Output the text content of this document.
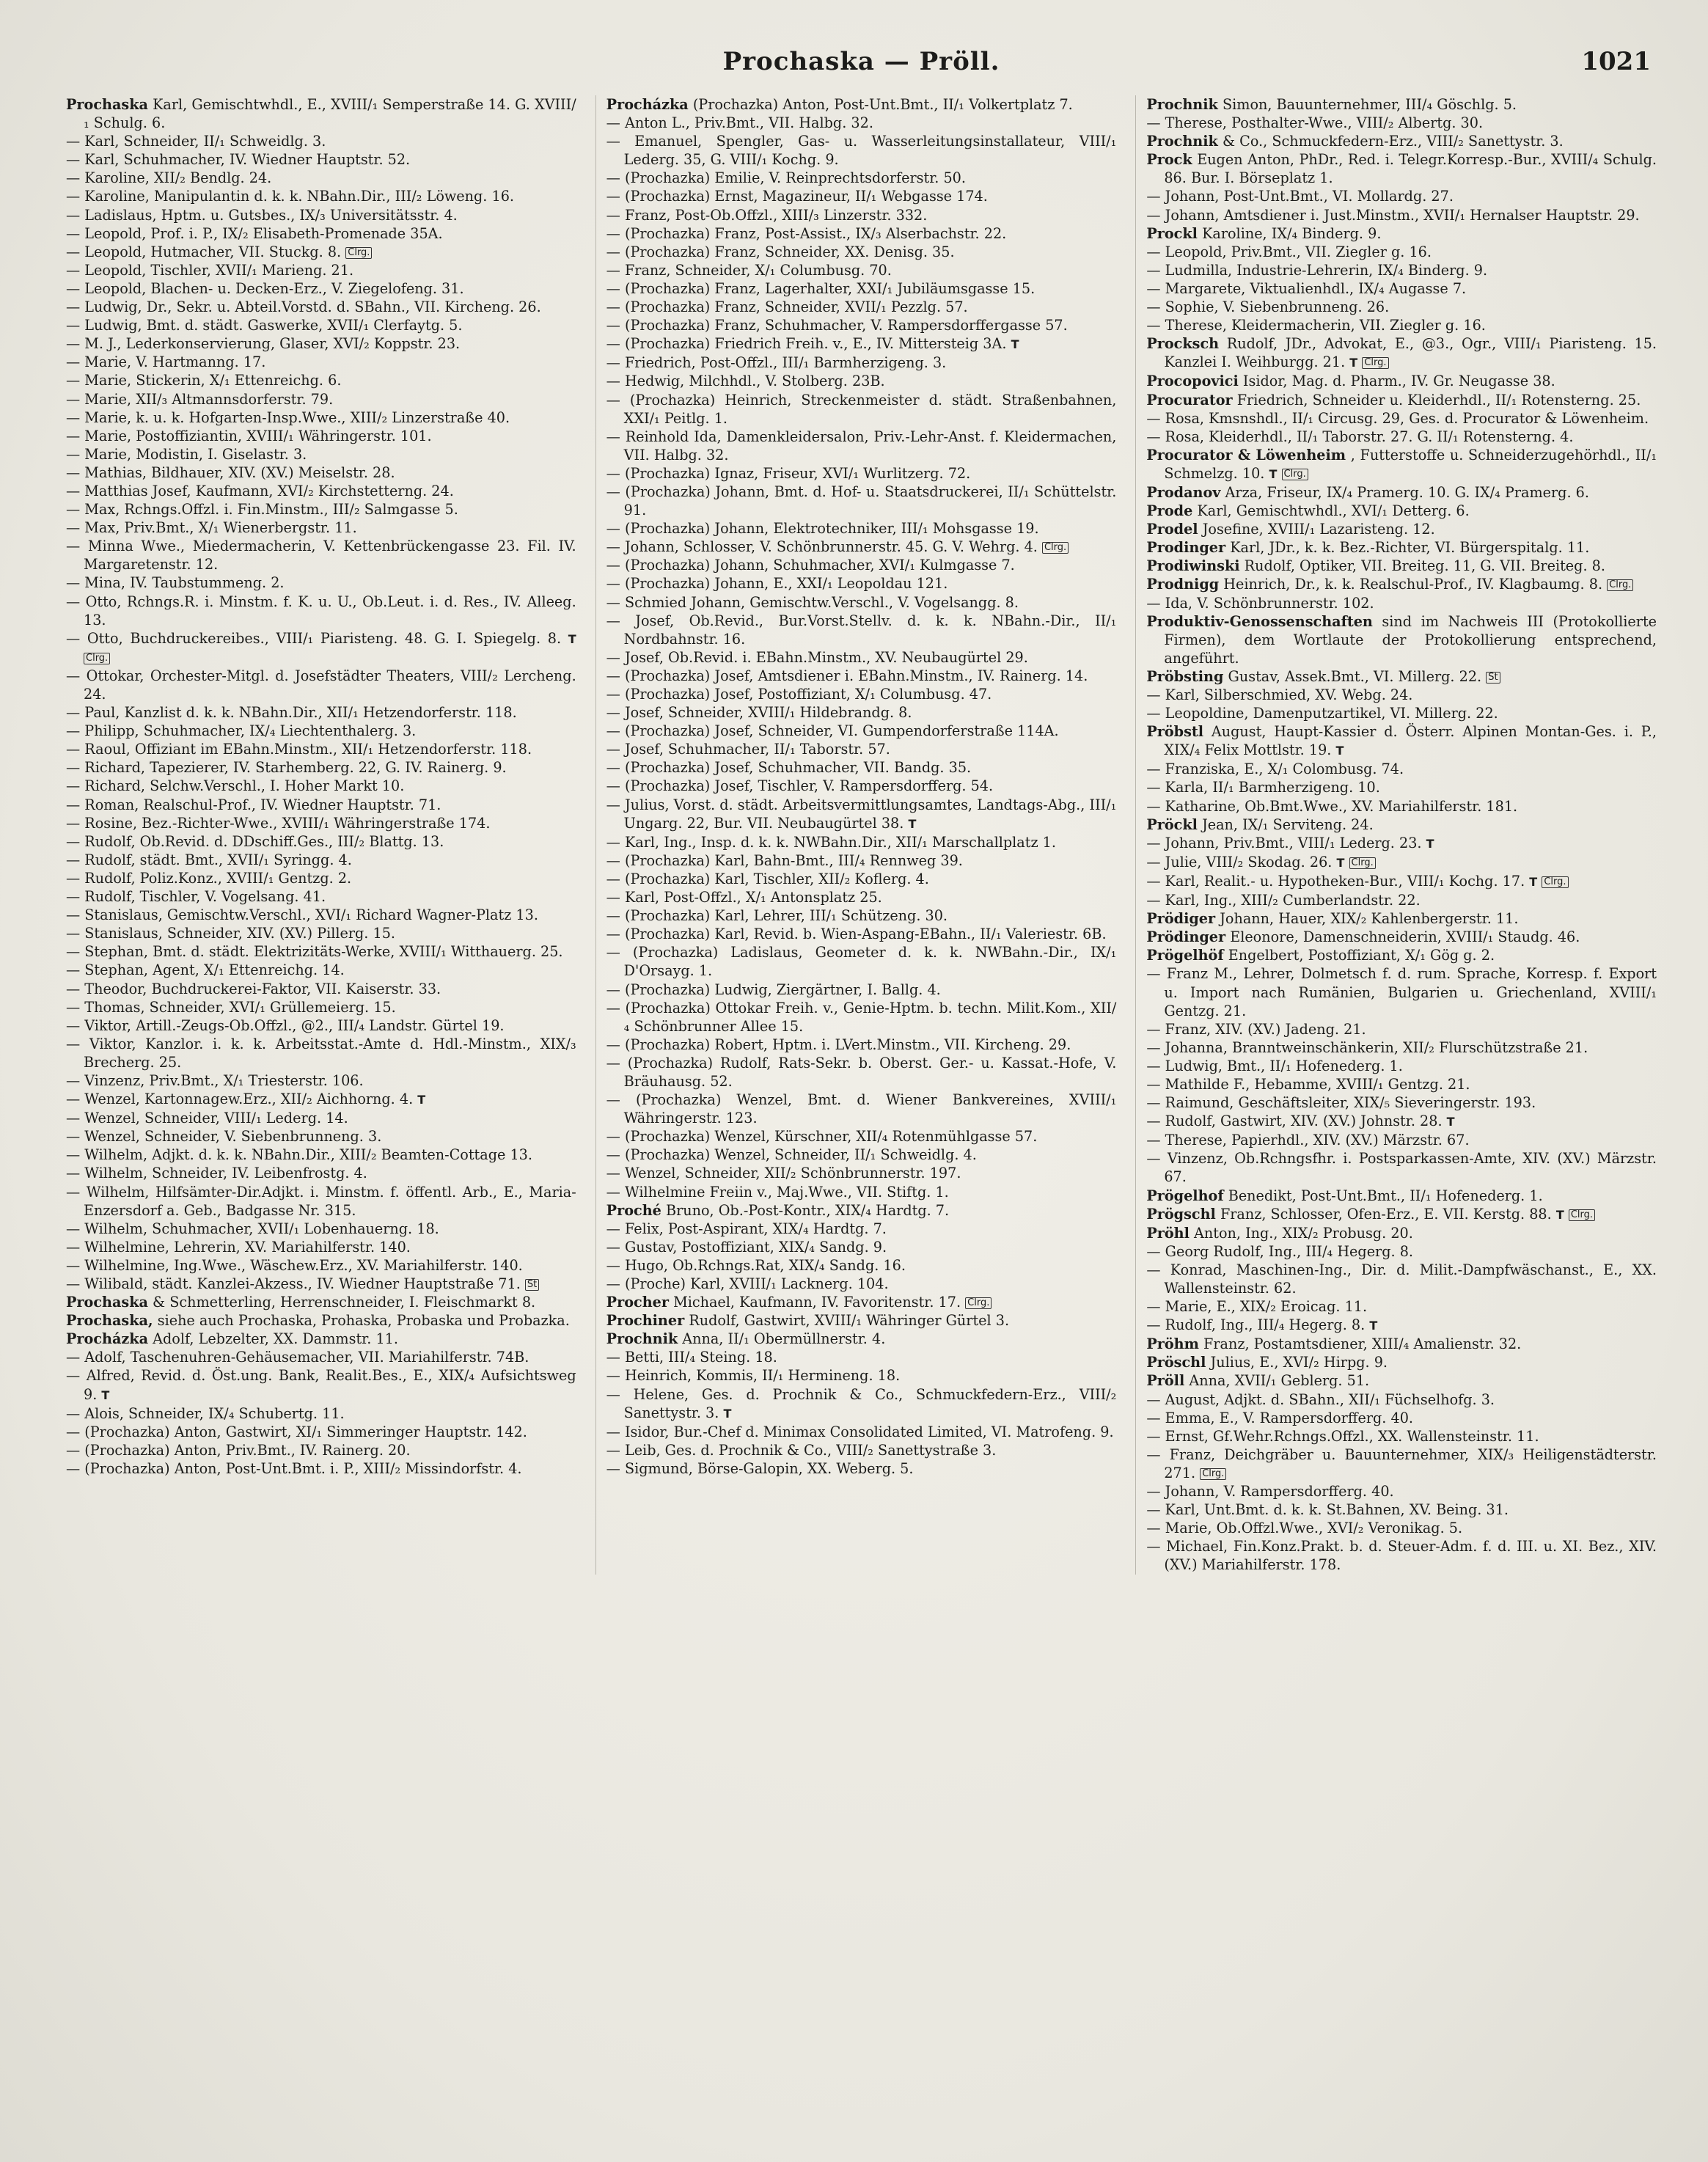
Prochaska — Pröll.	1021

Prochaska Karl, Gemischtwhdl., E., XVIII/₁ Semperstraße 14. G. XVIII/₁ Schulg. 6.

— Karl, Schneider, II/₁ Schweidlg. 3.

— Karl, Schuhmacher, IV. Wiedner Hauptstr. 52.

— Karoline, XII/₂ Bendlg. 24.

— Karoline, Manipulantin d. k. k. NBahn.Dir., III/₂ Löweng. 16.

— Ladislaus, Hptm. u. Gutsbes., IX/₃ Universitätsstr. 4.

— Leopold, Prof. i. P., IX/₂ Elisabeth-Promenade 35A.

— Leopold, Hutmacher, VII. Stuckg. 8. Clrg.

— Leopold, Tischler, XVII/₁ Marieng. 21.

— Leopold, Blachen- u. Decken-Erz., V. Ziegelofeng. 31.

— Ludwig, Dr., Sekr. u. Abteil.Vorstd. d. SBahn., VII. Kircheng. 26.

— Ludwig, Bmt. d. städt. Gaswerke, XVII/₁ Clerfaytg. 5.

— M. J., Lederkonservierung, Glaser, XVI/₂ Koppstr. 23.

— Marie, V. Hartmanng. 17.

— Marie, Stickerin, X/₁ Ettenreichg. 6.

— Marie, XII/₃ Altmannsdorferstr. 79.

— Marie, k. u. k. Hofgarten-Insp.Wwe., XIII/₂ Linzerstraße 40.

— Marie, Postoffiziantin, XVIII/₁ Währingerstr. 101.

— Marie, Modistin, I. Giselastr. 3.

— Mathias, Bildhauer, XIV. (XV.) Meiselstr. 28.

— Matthias Josef, Kaufmann, XVI/₂ Kirchstetterng. 24.

— Max, Rchngs.Offzl. i. Fin.Minstm., III/₂ Salmgasse 5.

— Max, Priv.Bmt., X/₁ Wienerbergstr. 11.

— Minna Wwe., Miedermacherin, V. Kettenbrückengasse 23. Fil. IV. Margaretenstr. 12.

— Mina, IV. Taubstummeng. 2.

— Otto, Rchngs.R. i. Minstm. f. K. u. U., Ob.Leut. i. d. Res., IV. Alleeg. 13.

— Otto, Buchdruckereibes., VIII/₁ Piaristeng. 48. G. I. Spiegelg. 8. T Clrg.

— Ottokar, Orchester-Mitgl. d. Josefstädter Theaters, VIII/₂ Lercheng. 24.

— Paul, Kanzlist d. k. k. NBahn.Dir., XII/₁ Hetzendorferstr. 118.

— Philipp, Schuhmacher, IX/₄ Liechtenthalerg. 3.

— Raoul, Offiziant im EBahn.Minstm., XII/₁ Hetzendorferstr. 118.

— Richard, Tapezierer, IV. Starhemberg. 22, G. IV. Rainerg. 9.

— Richard, Selchw.Verschl., I. Hoher Markt 10.

— Roman, Realschul-Prof., IV. Wiedner Hauptstr. 71.

— Rosine, Bez.-Richter-Wwe., XVIII/₁ Währingerstraße 174.

— Rudolf, Ob.Revid. d. DDschiff.Ges., III/₂ Blattg. 13.

— Rudolf, städt. Bmt., XVII/₁ Syringg. 4.

— Rudolf, Poliz.Konz., XVIII/₁ Gentzg. 2.

— Rudolf, Tischler, V. Vogelsang. 41.

— Stanislaus, Gemischtw.Verschl., XVI/₁ Richard Wagner-Platz 13.

— Stanislaus, Schneider, XIV. (XV.) Pillerg. 15.

— Stephan, Bmt. d. städt. Elektrizitäts-Werke, XVIII/₁ Witthauerg. 25.

— Stephan, Agent, X/₁ Ettenreichg. 14.

— Theodor, Buchdruckerei-Faktor, VII. Kaiserstr. 33.

— Thomas, Schneider, XVI/₁ Grüllemeierg. 15.

— Viktor, Artill.-Zeugs-Ob.Offzl., @2., III/₄ Landstr. Gürtel 19.

— Viktor, Kanzlor. i. k. k. Arbeitsstat.-Amte d. Hdl.-Minstm., XIX/₃ Brecherg. 25.

— Vinzenz, Priv.Bmt., X/₁ Triesterstr. 106.

— Wenzel, Kartonnagew.Erz., XII/₂ Aichhorng. 4. T

— Wenzel, Schneider, VIII/₁ Lederg. 14.

— Wenzel, Schneider, V. Siebenbrunneng. 3.

— Wilhelm, Adjkt. d. k. k. NBahn.Dir., XIII/₂ Beamten-Cottage 13.

— Wilhelm, Schneider, IV. Leibenfrostg. 4.

— Wilhelm, Hilfsämter-Dir.Adjkt. i. Minstm. f. öffentl. Arb., E., Maria-Enzersdorf a. Geb., Badgasse Nr. 315.

— Wilhelm, Schuhmacher, XVII/₁ Lobenhauerng. 18.

— Wilhelmine, Lehrerin, XV. Mariahilferstr. 140.

— Wilhelmine, Ing.Wwe., Wäschew.Erz., XV. Mariahilferstr. 140.

— Wilibald, städt. Kanzlei-Akzess., IV. Wiedner Hauptstraße 71. St

Prochaska & Schmetterling, Herrenschneider, I. Fleischmarkt 8.

Prochaska, siehe auch Prochaska, Prohaska, Probaska und Probazka.

Procházka Adolf, Lebzelter, XX. Dammstr. 11.

— Adolf, Taschenuhren-Gehäusemacher, VII. Mariahilferstr. 74B.

— Alfred, Revid. d. Öst.ung. Bank, Realit.Bes., E., XIX/₄ Aufsichtsweg 9. T

— Alois, Schneider, IX/₄ Schubertg. 11.

— (Prochazka) Anton, Gastwirt, XI/₁ Simmeringer Hauptstr. 142.

— (Prochazka) Anton, Priv.Bmt., IV. Rainerg. 20.

— (Prochazka) Anton, Post-Unt.Bmt. i. P., XIII/₂ Missindorfstr. 4.

Procházka (Prochazka) Anton, Post-Unt.Bmt., II/₁ Volkertplatz 7.

— Anton L., Priv.Bmt., VII. Halbg. 32.

— Emanuel, Spengler, Gas- u. Wasserleitungsinstallateur, VIII/₁ Lederg. 35, G. VIII/₁ Kochg. 9.

— (Prochazka) Emilie, V. Reinprechtsdorferstr. 50.

— (Prochazka) Ernst, Magazineur, II/₁ Webgasse 174.

— Franz, Post-Ob.Offzl., XIII/₃ Linzerstr. 332.

— (Prochazka) Franz, Post-Assist., IX/₃ Alserbachstr. 22.

— (Prochazka) Franz, Schneider, XX. Denisg. 35.

— Franz, Schneider, X/₁ Columbusg. 70.

— (Prochazka) Franz, Lagerhalter, XXI/₁ Jubiläumsgasse 15.

— (Prochazka) Franz, Schneider, XVII/₁ Pezzlg. 57.

— (Prochazka) Franz, Schuhmacher, V. Rampersdorffergasse 57.

— (Prochazka) Friedrich Freih. v., E., IV. Mittersteig 3A. T

— Friedrich, Post-Offzl., III/₁ Barmherzigeng. 3.

— Hedwig, Milchhdl., V. Stolberg. 23B.

— (Prochazka) Heinrich, Streckenmeister d. städt. Straßenbahnen, XXI/₁ Peitlg. 1.

— Reinhold Ida, Damenkleidersalon, Priv.-Lehr-Anst. f. Kleidermachen, VII. Halbg. 32.

— (Prochazka) Ignaz, Friseur, XVI/₁ Wurlitzerg. 72.

— (Prochazka) Johann, Bmt. d. Hof- u. Staatsdruckerei, II/₁ Schüttelstr. 91.

— (Prochazka) Johann, Elektrotechniker, III/₁ Mohsgasse 19.

— Johann, Schlosser, V. Schönbrunnerstr. 45. G. V. Wehrg. 4. Clrg.

— (Prochazka) Johann, Schuhmacher, XVI/₁ Kulmgasse 7.

— (Prochazka) Johann, E., XXI/₁ Leopoldau 121.

— Schmied Johann, Gemischtw.Verschl., V. Vogelsangg. 8.

— Josef, Ob.Revid., Bur.Vorst.Stellv. d. k. k. NBahn.-Dir., II/₁ Nordbahnstr. 16.

— Josef, Ob.Revid. i. EBahn.Minstm., XV. Neubaugürtel 29.

— (Prochazka) Josef, Amtsdiener i. EBahn.Minstm., IV. Rainerg. 14.

— (Prochazka) Josef, Postoffiziant, X/₁ Columbusg. 47.

— Josef, Schneider, XVIII/₁ Hildebrandg. 8.

— (Prochazka) Josef, Schneider, VI. Gumpendorferstraße 114A.

— Josef, Schuhmacher, II/₁ Taborstr. 57.

— (Prochazka) Josef, Schuhmacher, VII. Bandg. 35.

— (Prochazka) Josef, Tischler, V. Rampersdorfferg. 54.

— Julius, Vorst. d. städt. Arbeitsvermittlungsamtes, Landtags-Abg., III/₁ Ungarg. 22, Bur. VII. Neubaugürtel 38. T

— Karl, Ing., Insp. d. k. k. NWBahn.Dir., XII/₁ Marschallplatz 1.

— (Prochazka) Karl, Bahn-Bmt., III/₄ Rennweg 39.

— (Prochazka) Karl, Tischler, XII/₂ Koflerg. 4.

— Karl, Post-Offzl., X/₁ Antonsplatz 25.

— (Prochazka) Karl, Lehrer, III/₁ Schützeng. 30.

— (Prochazka) Karl, Revid. b. Wien-Aspang-EBahn., II/₁ Valeriestr. 6B.

— (Prochazka) Ladislaus, Geometer d. k. k. NWBahn.-Dir., IX/₁ D'Orsayg. 1.

— (Prochazka) Ludwig, Ziergärtner, I. Ballg. 4.

— (Prochazka) Ottokar Freih. v., Genie-Hptm. b. techn. Milit.Kom., XII/₄ Schönbrunner Allee 15.

— (Prochazka) Robert, Hptm. i. LVert.Minstm., VII. Kircheng. 29.

— (Prochazka) Rudolf, Rats-Sekr. b. Oberst. Ger.- u. Kassat.-Hofe, V. Bräuhausg. 52.

— (Prochazka) Wenzel, Bmt. d. Wiener Bankvereines, XVIII/₁ Währingerstr. 123.

— (Prochazka) Wenzel, Kürschner, XII/₄ Rotenmühlgasse 57.

— (Prochazka) Wenzel, Schneider, II/₁ Schweidlg. 4.

— Wenzel, Schneider, XII/₂ Schönbrunnerstr. 197.

— Wilhelmine Freiin v., Maj.Wwe., VII. Stiftg. 1.

Proché Bruno, Ob.-Post-Kontr., XIX/₄ Hardtg. 7.

— Felix, Post-Aspirant, XIX/₄ Hardtg. 7.

— Gustav, Postoffiziant, XIX/₄ Sandg. 9.

— Hugo, Ob.Rchngs.Rat, XIX/₄ Sandg. 16.

— (Proche) Karl, XVIII/₁ Lacknerg. 104.

Procher Michael, Kaufmann, IV. Favoritenstr. 17. Clrg.

Prochiner Rudolf, Gastwirt, XVIII/₁ Währinger Gürtel 3.

Prochnik Anna, II/₁ Obermüllnerstr. 4.

— Betti, III/₄ Steing. 18.

— Heinrich, Kommis, II/₁ Hermineng. 18.

— Helene, Ges. d. Prochnik & Co., Schmuckfedern-Erz., VIII/₂ Sanettystr. 3. T

— Isidor, Bur.-Chef d. Minimax Consolidated Limited, VI. Matrofeng. 9.

— Leib, Ges. d. Prochnik & Co., VIII/₂ Sanettystraße 3.

— Sigmund, Börse-Galopin, XX. Weberg. 5.

Prochnik Simon, Bauunternehmer, III/₄ Göschlg. 5.

— Therese, Posthalter-Wwe., VIII/₂ Albertg. 30.

Prochnik & Co., Schmuckfedern-Erz., VIII/₂ Sanettystr. 3.

Prock Eugen Anton, PhDr., Red. i. Telegr.Korresp.-Bur., XVIII/₄ Schulg. 86. Bur. I. Börseplatz 1.

— Johann, Post-Unt.Bmt., VI. Mollardg. 27.

— Johann, Amtsdiener i. Just.Minstm., XVII/₁ Hernalser Hauptstr. 29.

Prockl Karoline, IX/₄ Binderg. 9.

— Leopold, Priv.Bmt., VII. Ziegler g. 16.

— Ludmilla, Industrie-Lehrerin, IX/₄ Binderg. 9.

— Margarete, Viktualienhdl., IX/₄ Augasse 7.

— Sophie, V. Siebenbrunneng. 26.

— Therese, Kleidermacherin, VII. Ziegler g. 16.

Procksch Rudolf, JDr., Advokat, E., @3., Ogr., VIII/₁ Piaristeng. 15. Kanzlei I. Weihburgg. 21. T Clrg.

Procopovici Isidor, Mag. d. Pharm., IV. Gr. Neugasse 38.

Procurator Friedrich, Schneider u. Kleiderhdl., II/₁ Rotensterng. 25.

— Rosa, Kmsnshdl., II/₁ Circusg. 29, Ges. d. Procurator & Löwenheim.

— Rosa, Kleiderhdl., II/₁ Taborstr. 27. G. II/₁ Rotensterng. 4.

Procurator & Löwenheim , Futterstoffe u. Schneiderzugehörhdl., II/₁ Schmelzg. 10. T Clrg.

Prodanov Arza, Friseur, IX/₄ Pramerg. 10. G. IX/₄ Pramerg. 6.

Prode Karl, Gemischtwhdl., XVI/₁ Detterg. 6.

Prodel Josefine, XVIII/₁ Lazaristeng. 12.

Prodinger Karl, JDr., k. k. Bez.-Richter, VI. Bürgerspitalg. 11.

Prodiwinski Rudolf, Optiker, VII. Breiteg. 11, G. VII. Breiteg. 8.

Prodnigg Heinrich, Dr., k. k. Realschul-Prof., IV. Klagbaumg. 8. Clrg.

— Ida, V. Schönbrunnerstr. 102.

Produktiv-Genossenschaften sind im Nachweis III (Protokollierte Firmen), dem Wortlaute der Protokollierung entsprechend, angeführt.

Pröbsting Gustav, Assek.Bmt., VI. Millerg. 22. St

— Karl, Silberschmied, XV. Webg. 24.

— Leopoldine, Damenputzartikel, VI. Millerg. 22.

Pröbstl August, Haupt-Kassier d. Österr. Alpinen Montan-Ges. i. P., XIX/₄ Felix Mottlstr. 19. T

— Franziska, E., X/₁ Colombusg. 74.

— Karla, II/₁ Barmherzigeng. 10.

— Katharine, Ob.Bmt.Wwe., XV. Mariahilferstr. 181.

Pröckl Jean, IX/₁ Serviteng. 24.

— Johann, Priv.Bmt., VIII/₁ Lederg. 23. T

— Julie, VIII/₂ Skodag. 26. T Clrg.

— Karl, Realit.- u. Hypotheken-Bur., VIII/₁ Kochg. 17. T Clrg.

— Karl, Ing., XIII/₂ Cumberlandstr. 22.

Prödiger Johann, Hauer, XIX/₂ Kahlenbergerstr. 11.

Prödinger Eleonore, Damenschneiderin, XVIII/₁ Staudg. 46.

Prögelhöf Engelbert, Postoffiziant, X/₁ Gög g. 2.

— Franz M., Lehrer, Dolmetsch f. d. rum. Sprache, Korresp. f. Export u. Import nach Rumänien, Bulgarien u. Griechenland, XVIII/₁ Gentzg. 21.

— Franz, XIV. (XV.) Jadeng. 21.

— Johanna, Branntweinschänkerin, XII/₂ Flurschützstraße 21.

— Ludwig, Bmt., II/₁ Hofenederg. 1.

— Mathilde F., Hebamme, XVIII/₁ Gentzg. 21.

— Raimund, Geschäftsleiter, XIX/₅ Sieveringerstr. 193.

— Rudolf, Gastwirt, XIV. (XV.) Johnstr. 28. T

— Therese, Papierhdl., XIV. (XV.) Märzstr. 67.

— Vinzenz, Ob.Rchngsfhr. i. Postsparkassen-Amte, XIV. (XV.) Märzstr. 67.

Prögelhof Benedikt, Post-Unt.Bmt., II/₁ Hofenederg. 1.

Prögschl Franz, Schlosser, Ofen-Erz., E. VII. Kerstg. 88. T Clrg.

Pröhl Anton, Ing., XIX/₂ Probusg. 20.

— Georg Rudolf, Ing., III/₄ Hegerg. 8.

— Konrad, Maschinen-Ing., Dir. d. Milit.-Dampfwäschanst., E., XX. Wallensteinstr. 62.

— Marie, E., XIX/₂ Eroicag. 11.

— Rudolf, Ing., III/₄ Hegerg. 8. T

Pröhm Franz, Postamtsdiener, XIII/₄ Amalienstr. 32.

Pröschl Julius, E., XVI/₂ Hirpg. 9.

Pröll Anna, XVII/₁ Geblerg. 51.

— August, Adjkt. d. SBahn., XII/₁ Füchselhofg. 3.

— Emma, E., V. Rampersdorfferg. 40.

— Ernst, Gf.Wehr.Rchngs.Offzl., XX. Wallensteinstr. 11.

— Franz, Deichgräber u. Bauunternehmer, XIX/₃ Heiligenstädterstr. 271. Clrg.

— Johann, V. Rampersdorfferg. 40.

— Karl, Unt.Bmt. d. k. k. St.Bahnen, XV. Being. 31.

— Marie, Ob.Offzl.Wwe., XVI/₂ Veronikag. 5.

— Michael, Fin.Konz.Prakt. b. d. Steuer-Adm. f. d. III. u. XI. Bez., XIV. (XV.) Mariahilferstr. 178.
